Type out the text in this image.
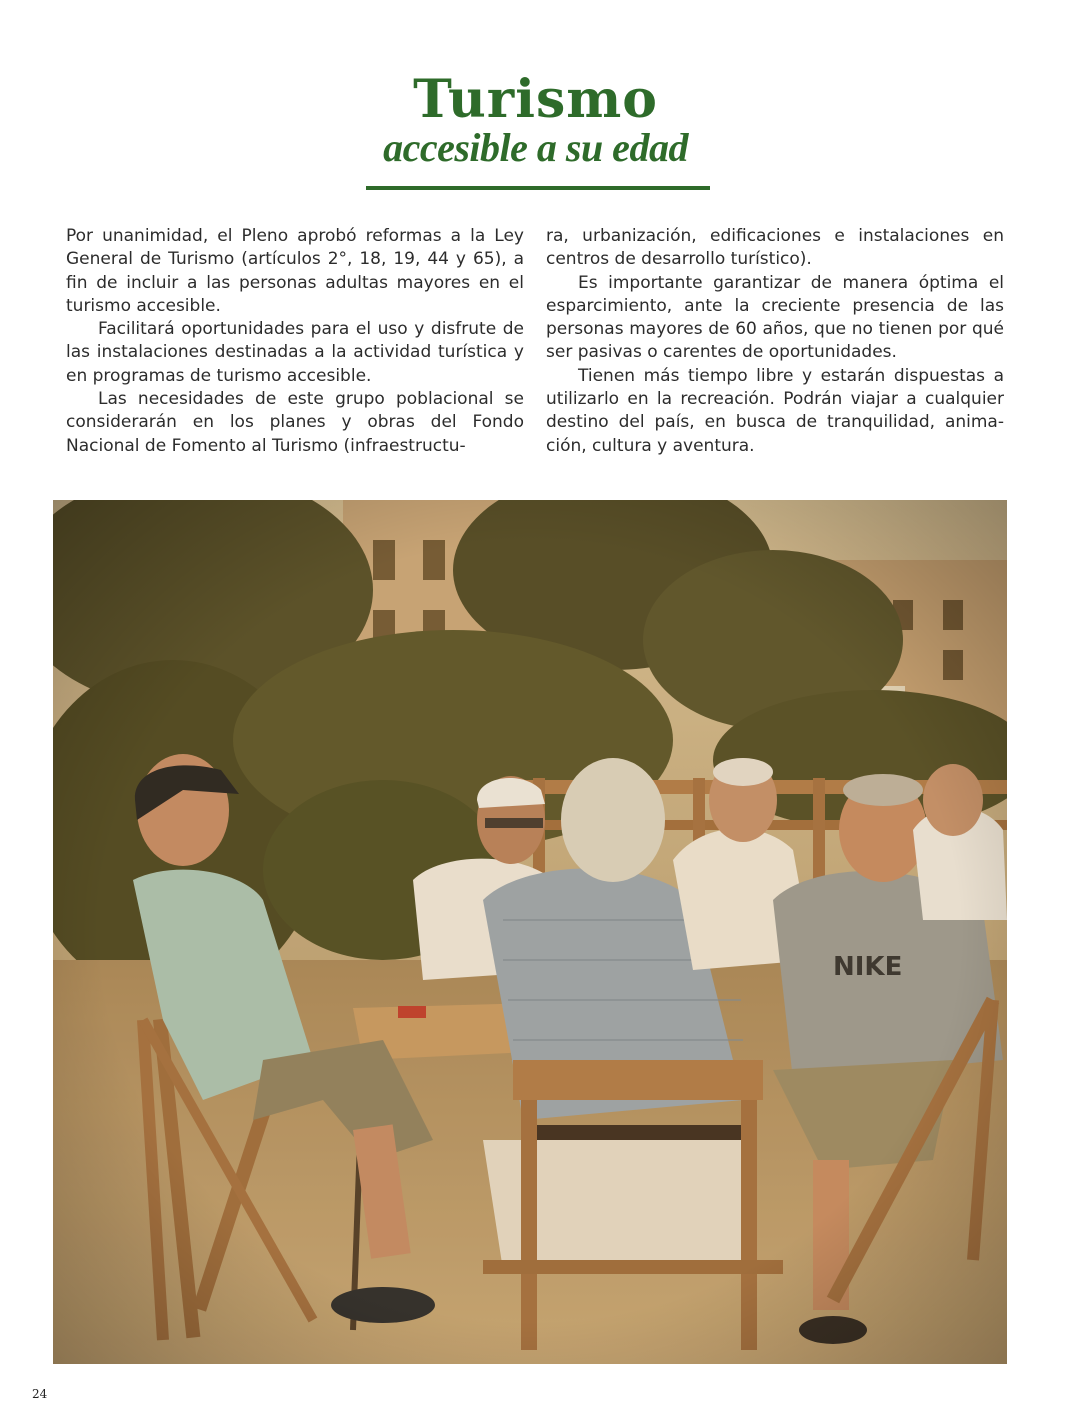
Turismo
accesible a su edad

Por unanimidad, el Pleno aprobó reformas a la Ley General de Turismo (artículos 2°, 18, 19, 44 y 65), a fin de incluir a las personas adultas mayores en el turismo accesible.

Facilitará oportunidades para el uso y disfrute de las instalaciones destinadas a la actividad turística y en programas de turismo accesible.

Las necesidades de este grupo poblacional se considerarán en los planes y obras del Fondo Nacional de Fomento al Turismo (infraestructu-

ra, urbanización, edificaciones e instalaciones en centros de desarrollo turístico).

Es importante garantizar de manera óptima el esparcimiento, ante la creciente presencia de las personas mayores de 60 años, que no tienen por qué ser pasivas o carentes de oportunidades.

Tienen más tiempo libre y estarán dispuestas a utilizarlo en la recreación. Podrán viajar a cualquier destino del país, en busca de tranquilidad, anima-ción, cultura y aventura.

24
